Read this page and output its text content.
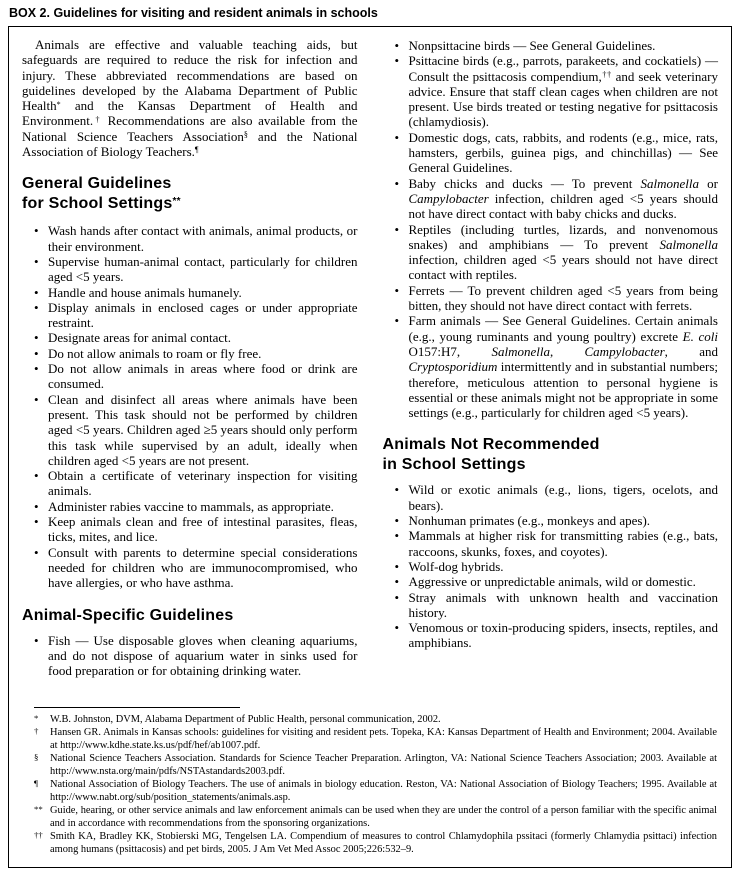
BOX 2. Guidelines for visiting and resident animals in schools

Animals are effective and valuable teaching aids, but safeguards are required to reduce the risk for infection and injury. These abbreviated recommendations are based on guidelines developed by the Alabama Department of Public Health* and the Kansas Department of Health and Environment.† Recommendations are also available from the National Science Teachers Association§ and the National Association of Biology Teachers.¶

General Guidelines
for School Settings**
• Wash hands after contact with animals, animal products, or their environment.
• Supervise human-animal contact, particularly for children aged <5 years.
• Handle and house animals humanely.
• Display animals in enclosed cages or under appropriate restraint.
• Designate areas for animal contact.
• Do not allow animals to roam or fly free.
• Do not allow animals in areas where food or drink are consumed.
• Clean and disinfect all areas where animals have been present. This task should not be performed by children aged <5 years. Children aged ≥5 years should only perform this task while supervised by an adult, ideally when children aged <5 years are not present.
• Obtain a certificate of veterinary inspection for visiting animals.
• Administer rabies vaccine to mammals, as appropriate.
• Keep animals clean and free of intestinal parasites, fleas, ticks, mites, and lice.
• Consult with parents to determine special considerations needed for children who are immunocompromised, who have allergies, or who have asthma.
Animal-Specific Guidelines
• Fish — Use disposable gloves when cleaning aquariums, and do not dispose of aquarium water in sinks used for food preparation or for obtaining drinking water.
• Nonpsittacine birds — See General Guidelines.
• Psittacine birds (e.g., parrots, parakeets, and cockatiels) — Consult the psittacosis compendium,†† and seek veterinary advice. Ensure that staff clean cages when children are not present. Use birds treated or testing negative for psittacosis (chlamydiosis).
• Domestic dogs, cats, rabbits, and rodents (e.g., mice, rats, hamsters, gerbils, guinea pigs, and chinchillas) — See General Guidelines.
• Baby chicks and ducks — To prevent Salmonella or Campylobacter infection, children aged <5 years should not have direct contact with baby chicks and ducks.
• Reptiles (including turtles, lizards, and nonvenomous snakes) and amphibians — To prevent Salmonella infection, children aged <5 years should not have direct contact with reptiles.
• Ferrets — To prevent children aged <5 years from being bitten, they should not have direct contact with ferrets.
• Farm animals — See General Guidelines. Certain animals (e.g., young ruminants and young poultry) excrete E. coli O157:H7, Salmonella, Campylobacter, and Cryptosporidium intermittently and in substantial numbers; therefore, meticulous attention to personal hygiene is essential or these animals might not be appropriate in some settings (e.g., particularly for children aged <5 years).
Animals Not Recommended
in School Settings
• Wild or exotic animals (e.g., lions, tigers, ocelots, and bears).
• Nonhuman primates (e.g., monkeys and apes).
• Mammals at higher risk for transmitting rabies (e.g., bats, raccoons, skunks, foxes, and coyotes).
• Wolf-dog hybrids.
• Aggressive or unpredictable animals, wild or domestic.
• Stray animals with unknown health and vaccination history.
• Venomous or toxin-producing spiders, insects, reptiles, and amphibians.
*	W.B. Johnston, DVM, Alabama Department of Public Health, personal communication, 2002.
†	Hansen GR. Animals in Kansas schools: guidelines for visiting and resident pets. Topeka, KA: Kansas Department of Health and Environment; 2004. Available at http://www.kdhe.state.ks.us/pdf/hef/ab1007.pdf.
§	National Science Teachers Association. Standards for Science Teacher Preparation. Arlington, VA: National Science Teachers Association; 2003. Available at http://www.nsta.org/main/pdfs/NSTAstandards2003.pdf.
¶	National Association of Biology Teachers. The use of animals in biology education. Reston, VA: National Association of Biology Teachers; 1995. Available at http://www.nabt.org/sub/position_statements/animals.asp.
** Guide, hearing, or other service animals and law enforcement animals can be used when they are under the control of a person familiar with the specific animal and in accordance with recommendations from the sponsoring organizations.
†† Smith KA, Bradley KK, Stobierski MG, Tengelsen LA. Compendium of measures to control Chlamydophila pssitaci (formerly Chlamydia psittaci) infection among humans (psittacosis) and pet birds, 2005. J Am Vet Med Assoc 2005;226:532–9.
